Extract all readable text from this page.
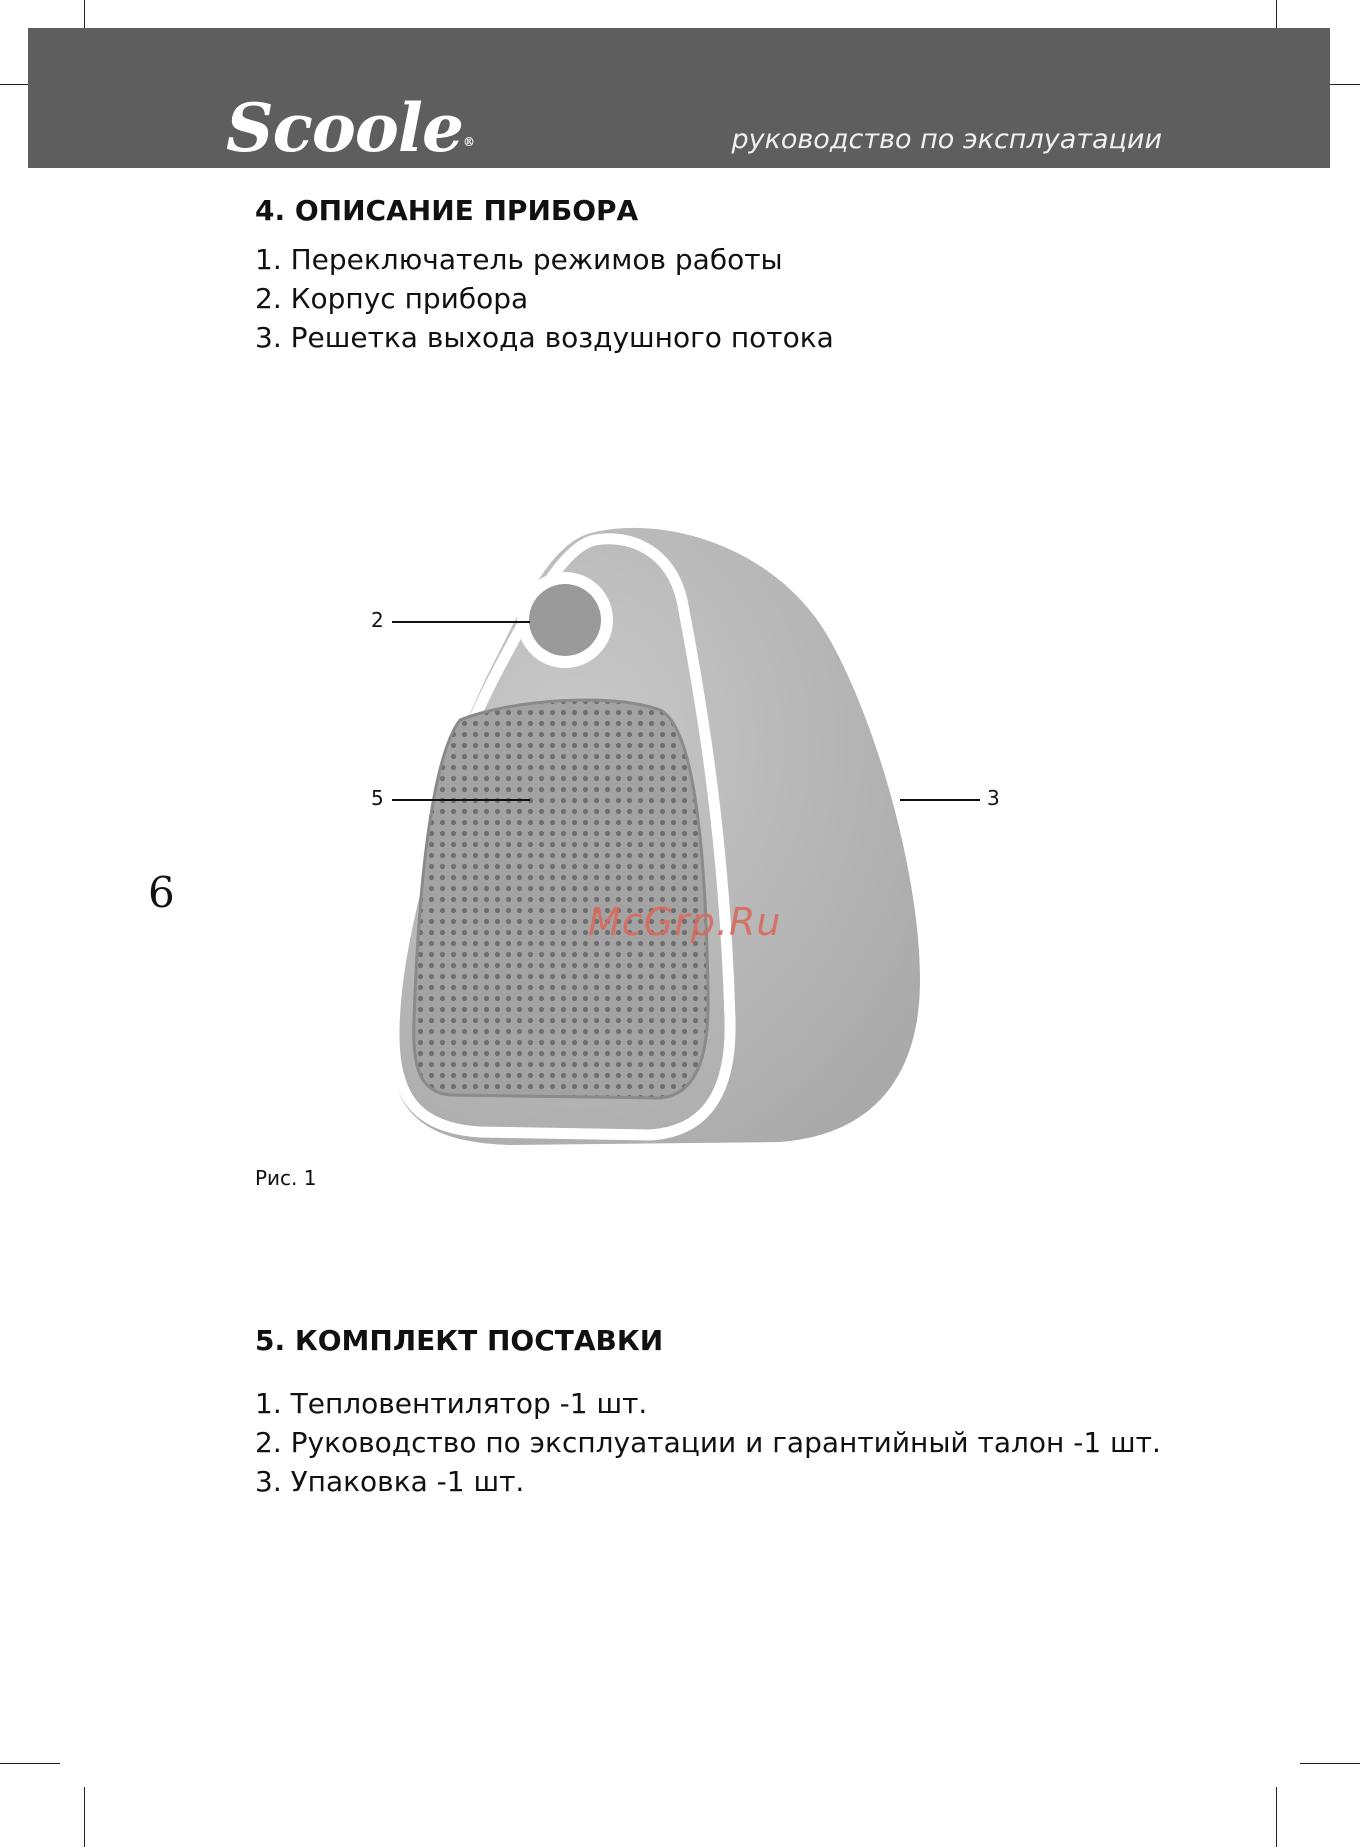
Scoole®	руководство по эксплуатации
4. ОПИСАНИЕ ПРИБОРА
1. Переключатель режимов работы
2. Корпус прибора
3. Решетка выхода воздушного потока
6
2
5	3
McGrp.Ru
Рис. 1
5. КОМПЛЕКТ ПОСТАВКИ
1. Тепловентилятор -1 шт.
2. Руководство по эксплуатации и гарантийный талон -1 шт.
3. Упаковка -1 шт.
